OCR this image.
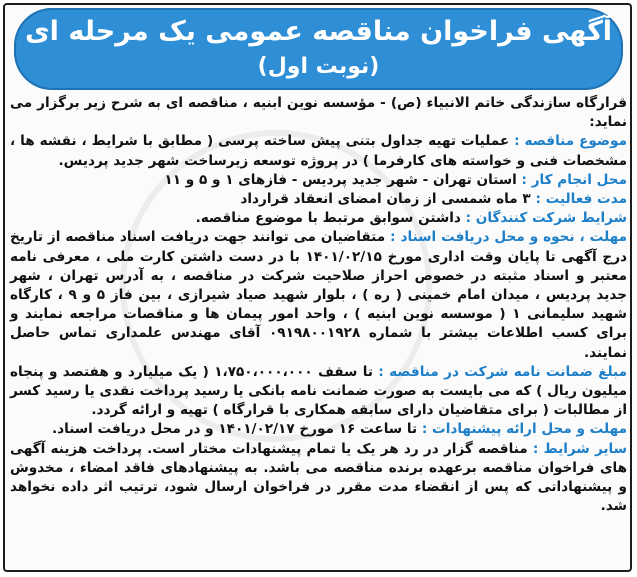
آگهی فراخوان مناقصه عمومی یک مرحله ای
(نوبت اول)

قرارگاه سازندگی خاتم الانبیاء (ص) - مؤسسه نوین ابنیه ، مناقصه ای به شرح زیر برگزار می نماید:

موضوع مناقصه : عملیات تهیه جداول بتنی پیش ساخته پرسی ( مطابق با شرایط ، نقشه ها ، مشخصات فنی و خواسته های کارفرما ) در پروژه توسعه زیرساخت شهر جدید پردیس.

محل انجام کار : استان تهران - شهر جدید پردیس - فازهای ۱ و ۵ و ۱۱

مدت فعالیت : ۳ ماه شمسی از زمان امضای انعقاد قرارداد

شرایط شرکت کنندگان : داشتن سوابق مرتبط با موضوع مناقصه.

مهلت ، نحوه و محل دریافت اسناد : متقاضیان می توانند جهت دریافت اسناد مناقصه از تاریخ درج آگهی تا پایان وقت اداری مورخ ۱۴۰۱/۰۲/۱۵ با در دست داشتن کارت ملی ، معرفی نامه معتبر و اسناد مثبته در خصوص احراز صلاحیت شرکت در مناقصه ، به آدرس تهران ، شهر جدید پردیس ، میدان امام خمینی ( ره ) ، بلوار شهید صیاد شیرازی ، بین فاز ۵ و ۹ ، کارگاه شهید سلیمانی ۱ ( موسسه نوین ابنیه ) ، واحد امور پیمان ها و مناقصات مراجعه نمایند و برای کسب اطلاعات بیشتر با شماره ۰۹۱۹۸۰۰۱۹۲۸ آقای مهندس علمداری تماس حاصل نمایند.

مبلغ ضمانت نامه شرکت در مناقصه : تا سقف ۱،۷۵۰،۰۰۰،۰۰۰ ( یک میلیارد و هفتصد و پنجاه میلیون ریال ) که می بایست به صورت ضمانت نامه بانکی یا رسید پرداخت نقدی یا رسید کسر از مطالبات ( برای متقاضیان دارای سابقه همکاری با قرارگاه ) تهیه و ارائه گردد.

مهلت و محل ارائه پیشنهادات : تا ساعت ۱۶ مورخ ۱۴۰۱/۰۲/۱۷ و در محل دریافت اسناد.

سایر شرایط : مناقصه گزار در رد هر یک یا تمام پیشنهادات مختار است. پرداخت هزینه آگهی های فراخوان مناقصه برعهده برنده مناقصه می باشد. به پیشنهادهای فاقد امضاء ، مخدوش و پیشنهاداتی که پس از انقضاء مدت مقرر در فراخوان ارسال شود، ترتیب اثر داده نخواهد شد.
